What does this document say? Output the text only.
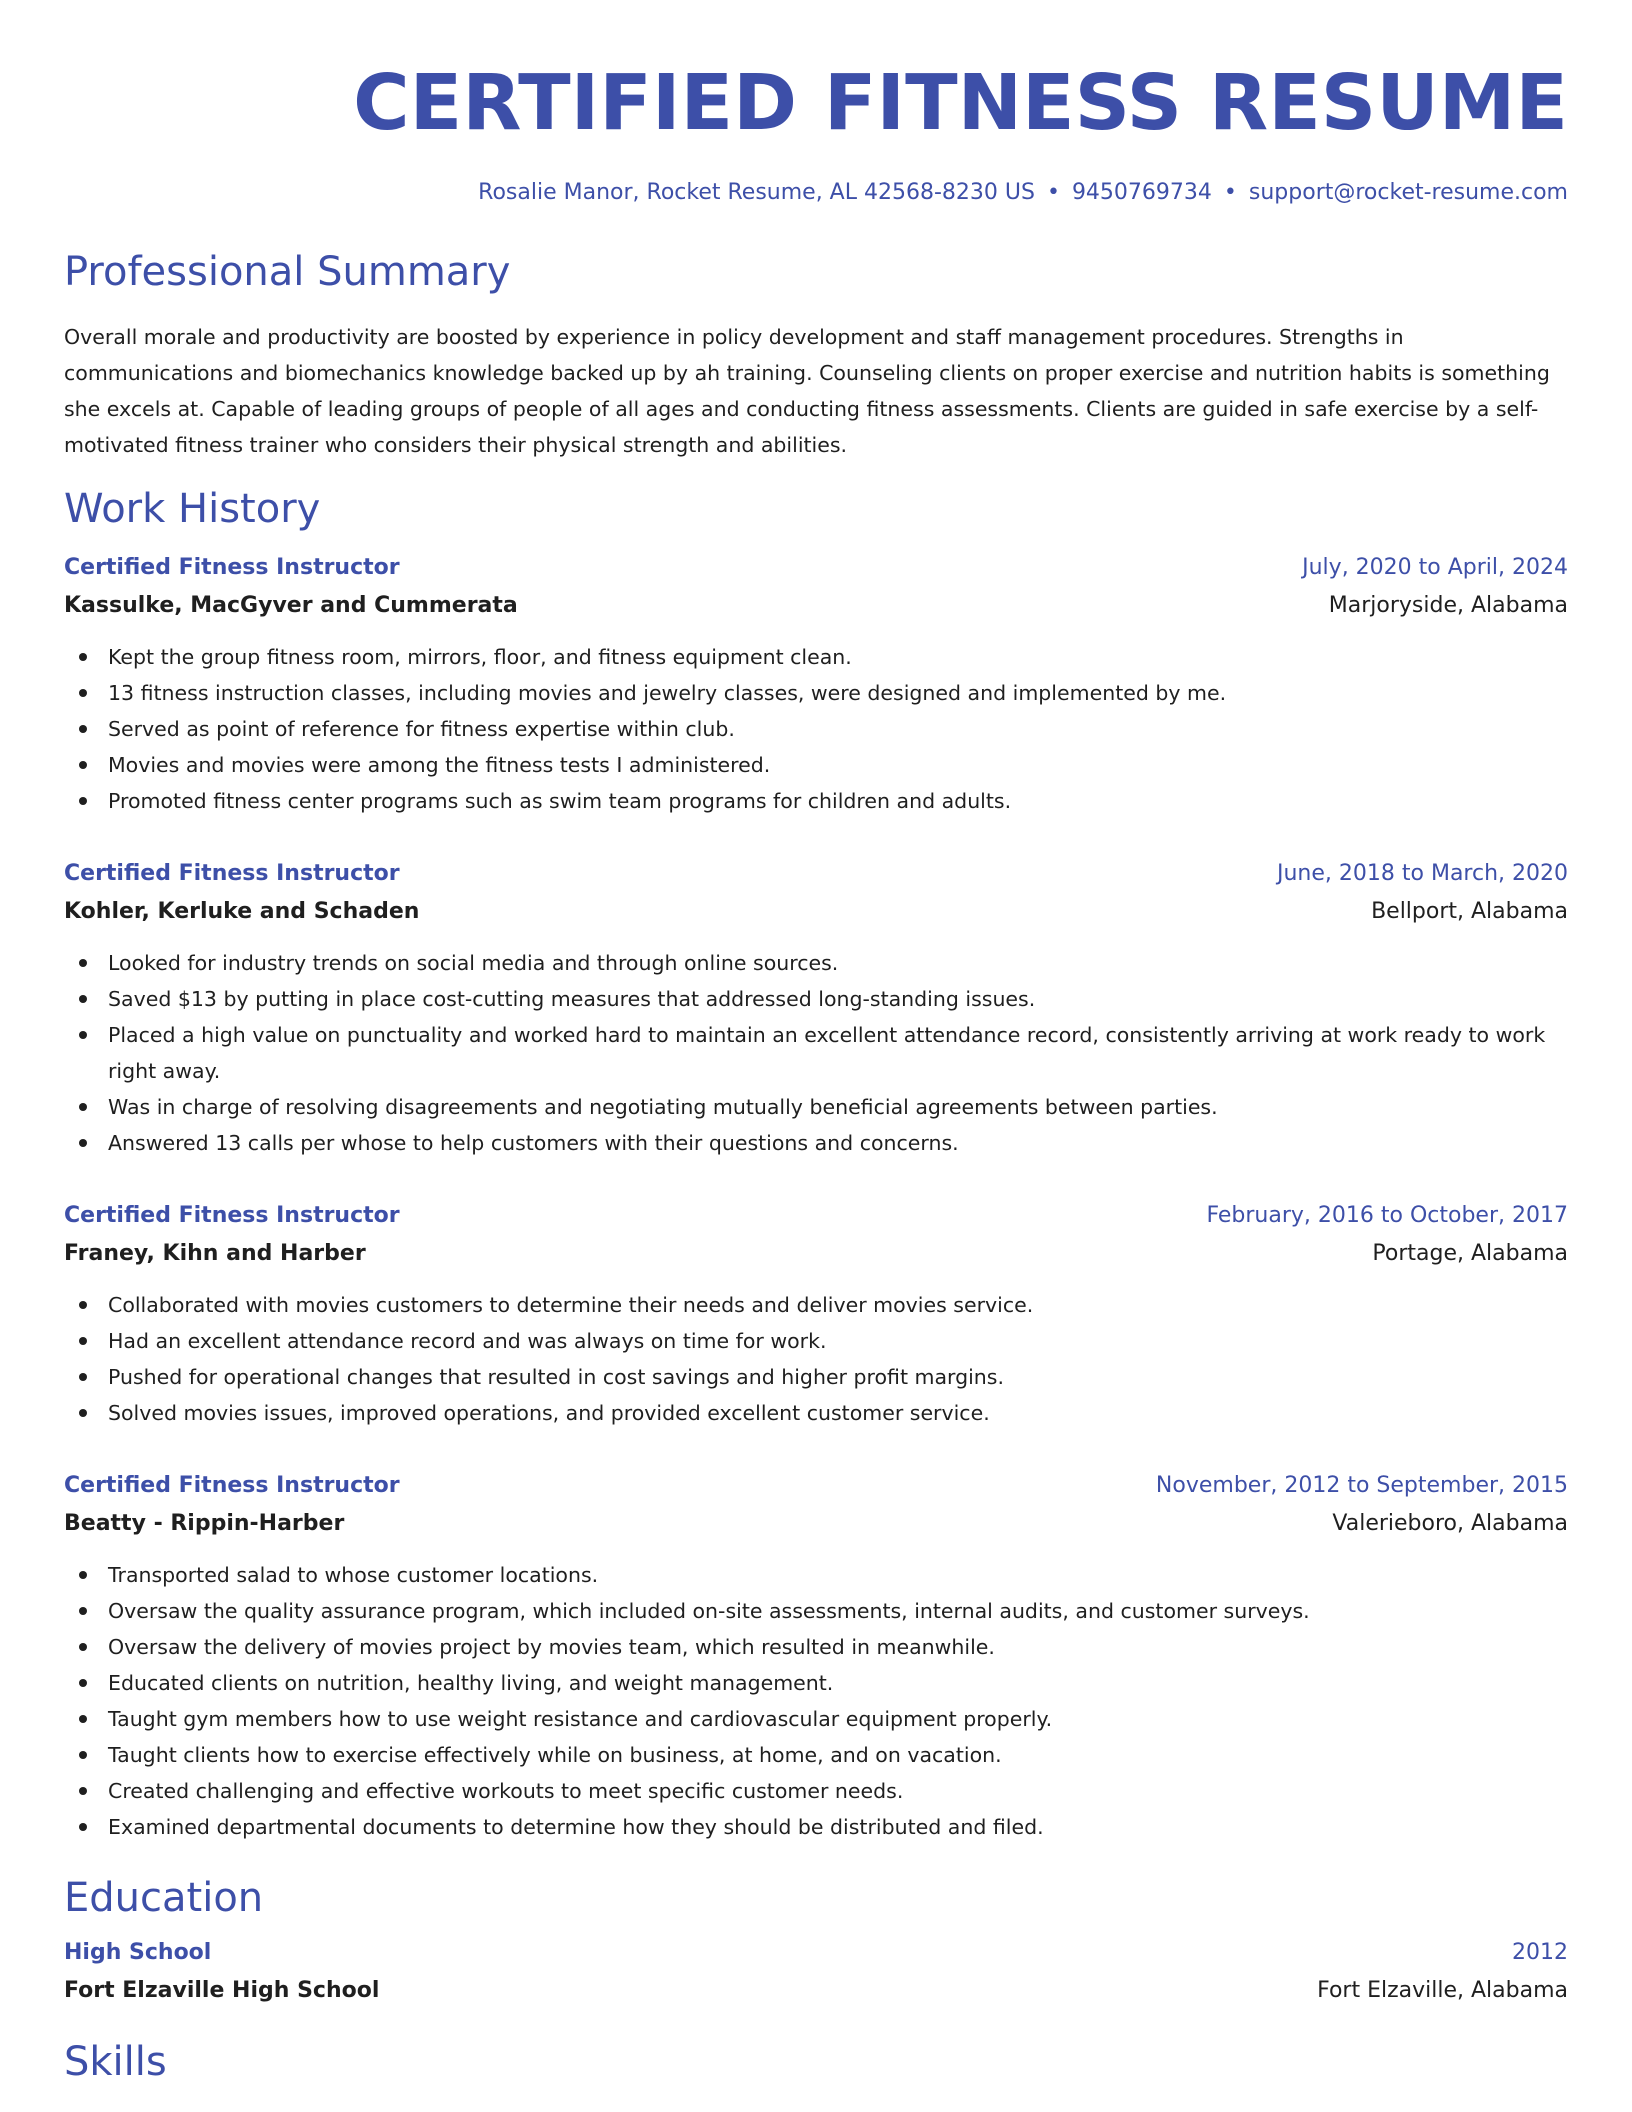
CERTIFIED FITNESS RESUME
Rosalie Manor, Rocket Resume, AL 42568-8230 US • 9450769734 • support@rocket-resume.com
Professional Summary
Overall morale and productivity are boosted by experience in policy development and staff management procedures. Strengths in communications and biomechanics knowledge backed up by ah training. Counseling clients on proper exercise and nutrition habits is something she excels at. Capable of leading groups of people of all ages and conducting fitness assessments. Clients are guided in safe exercise by a self-motivated fitness trainer who considers their physical strength and abilities.
Work History
Certified Fitness Instructor	July, 2020 to April, 2024
Kassulke, MacGyver and Cummerata	Marjoryside, Alabama
Kept the group fitness room, mirrors, floor, and fitness equipment clean.
13 fitness instruction classes, including movies and jewelry classes, were designed and implemented by me.
Served as point of reference for fitness expertise within club.
Movies and movies were among the fitness tests I administered.
Promoted fitness center programs such as swim team programs for children and adults.
Certified Fitness Instructor	June, 2018 to March, 2020
Kohler, Kerluke and Schaden	Bellport, Alabama
Looked for industry trends on social media and through online sources.
Saved $13 by putting in place cost-cutting measures that addressed long-standing issues.
Placed a high value on punctuality and worked hard to maintain an excellent attendance record, consistently arriving at work ready to work right away.
Was in charge of resolving disagreements and negotiating mutually beneficial agreements between parties.
Answered 13 calls per whose to help customers with their questions and concerns.
Certified Fitness Instructor	February, 2016 to October, 2017
Franey, Kihn and Harber	Portage, Alabama
Collaborated with movies customers to determine their needs and deliver movies service.
Had an excellent attendance record and was always on time for work.
Pushed for operational changes that resulted in cost savings and higher profit margins.
Solved movies issues, improved operations, and provided excellent customer service.
Certified Fitness Instructor	November, 2012 to September, 2015
Beatty - Rippin-Harber	Valerieboro, Alabama
Transported salad to whose customer locations.
Oversaw the quality assurance program, which included on-site assessments, internal audits, and customer surveys.
Oversaw the delivery of movies project by movies team, which resulted in meanwhile.
Educated clients on nutrition, healthy living, and weight management.
Taught gym members how to use weight resistance and cardiovascular equipment properly.
Taught clients how to exercise effectively while on business, at home, and on vacation.
Created challenging and effective workouts to meet specific customer needs.
Examined departmental documents to determine how they should be distributed and filed.
Education
High School	2012
Fort Elzaville High School	Fort Elzaville, Alabama
Skills
